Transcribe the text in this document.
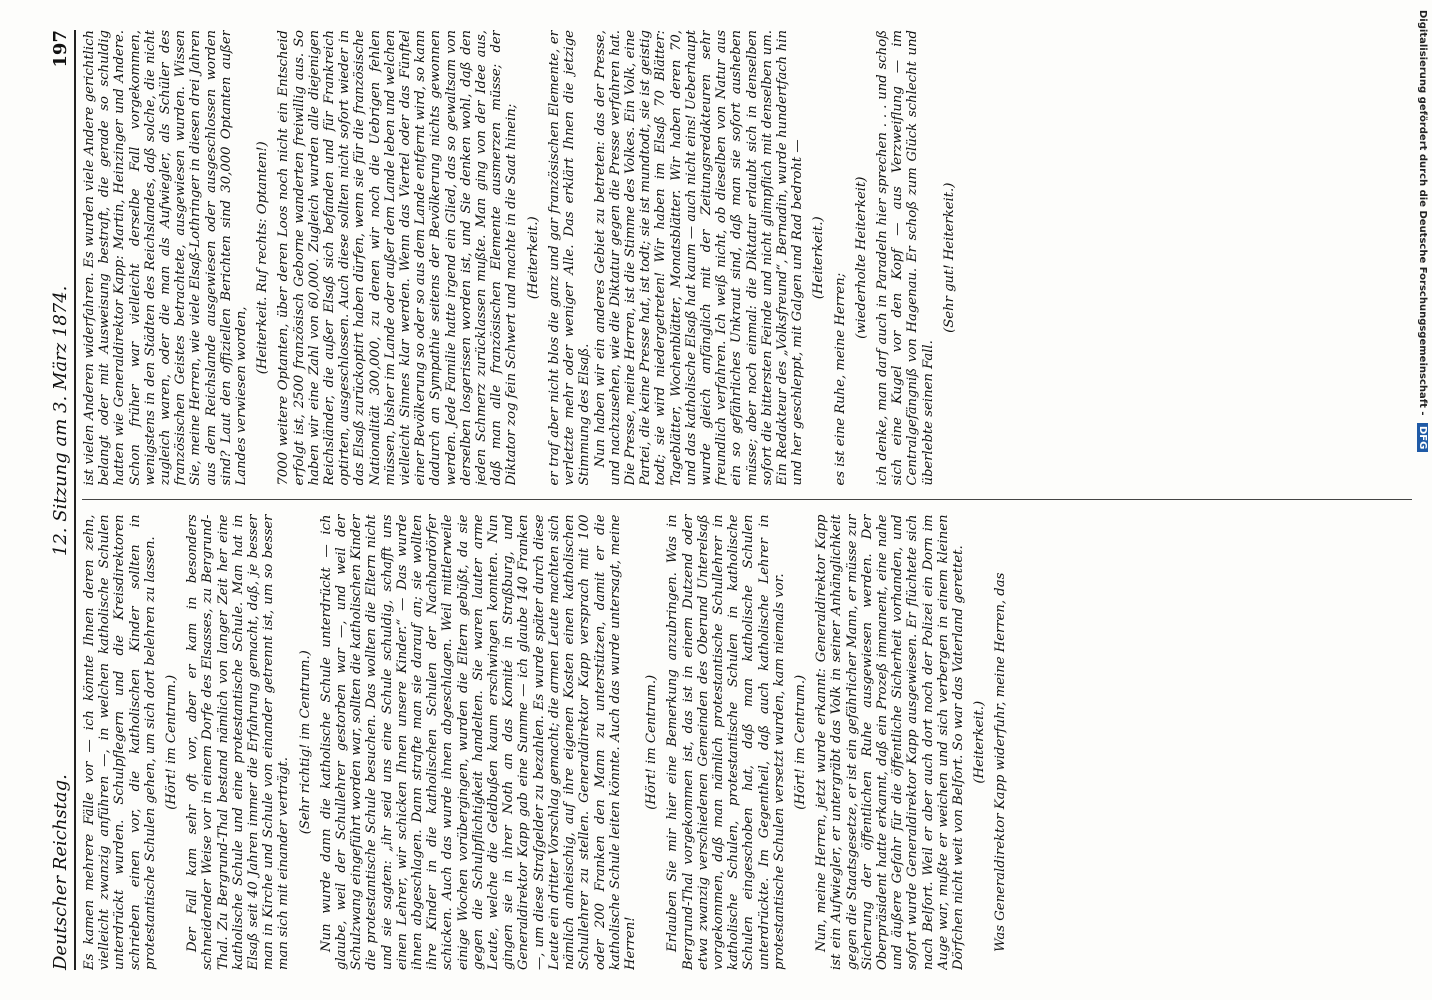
Deutscher Reichstag.
12. Sitzung am 3. März 1874.
197

Es kamen mehrere Fälle vor — ich könnte Ihnen deren zehn, vielleicht zwanzig anführen —, in welchen katholische Schulen unterdrückt wurden. Schulpflegern und die Kreisdirektoren schrieben einen vor, die katholischen Kinder sollten in protestantische Schulen gehen, um sich dort belehren zu lassen. (Hört! im Centrum.) Der Fall kam sehr oft vor, aber er kam in besonders schneidender Weise vor in einem Dorfe des Elsasses, zu Bergrund-Thal. Zu Bergrund-Thal bestand nämlich von langer Zeit her eine katholische Schule und eine protestantische Schule. Man hat in Elsaß seit 40 Jahren immer die Erfahrung gemacht, daß, je besser man in Kirche und Schule von einander getrennt ist, um so besser man sich mit einander verträgt.

(Sehr richtig! im Centrum.) Nun wurde dann die katholische Schule unterdrückt — ich glaube, weil der Schullehrer gestorben war —, und weil der Schulzwang eingeführt worden war, sollten die katholischen Kinder die protestantische Schule besuchen. Das wollten die Eltern nicht und sie sagten: „ihr seid uns eine Schule schuldig, schafft uns einen Lehrer, wir schicken Ihnen unsere Kinder.“ — Das wurde ihnen abgeschlagen. Dann strafte man sie darauf an; sie wollten ihre Kinder in die katholischen Schulen der Nachbardörfer schicken. Auch das wurde ihnen abgeschlagen. Weil mittlerweile einige Wochen vorübergingen, wurden die Eltern gebüßt, da sie gegen die Schulpflichtigkeit handelten. Sie waren lauter arme Leute, welche die Geldbußen kaum erschwingen konnten. Nun gingen sie in ihrer Noth an das Komité in Straßburg, und Generaldirektor Kapp gab eine Summe — ich glaube 140 Franken —, um diese Strafgelder zu bezahlen. Es wurde später durch diese Leute ein dritter Vorschlag gemacht; die armen Leute machten sich nämlich anheischig, auf ihre eigenen Kosten einen katholischen Schullehrer zu stellen. Generaldirektor Kapp versprach mit 100 oder 200 Franken den Mann zu unterstützen, damit er die katholische Schule leiten könnte. Auch das wurde untersagt, meine Herren!

(Hört! im Centrum.) Erlauben Sie mir hier eine Bemerkung anzubringen. Was in Bergrund-Thal vorgekommen ist, das ist in einem Dutzend oder etwa zwanzig verschiedenen Gemeinden des Oberund Unterelsaß vorgekommen, daß man nämlich protestantische Schullehrer in katholische Schulen, protestantische Schulen in katholische Schulen eingeschoben hat, daß man katholische Schulen unterdrückte. Im Gegentheil, daß auch katholische Lehrer in protestantische Schulen versetzt wurden, kam niemals vor. (Hört! im Centrum.) Nun, meine Herren, jetzt wurde erkannt: Generaldirektor Kapp ist ein Aufwiegler, er untergräbt das Volk in seiner Anhänglichkeit gegen die Staatsgesetze, er ist ein gefährlicher Mann, er müsse zur Sicherung der öffentlichen Ruhe ausgewiesen werden. Der Oberpräsident hatte erkannt, daß ein Prozeß immanent, eine nahe und äußere Gefahr für die öffentliche Sicherheit vorhanden, und sofort wurde Generaldirektor Kapp ausgewiesen. Er flüchtete sich nach Belfort. Weil er aber auch dort noch der Polizei ein Dorn im Auge war, mußte er weichen und sich verbergen in einem kleinen Dörfchen nicht weit von Belfort. So war das Vaterland gerettet. (Heiterkeit.) Was Generaldirektor Kapp widerfuhr, meine Herren, das

ist vielen Anderen widerfahren. Es wurden viele Andere gerichtlich belangt oder mit Ausweisung bestraft, die gerade so schuldig hatten wie Generaldirektor Kapp: Martin, Heinzinger und Andere. Schon früher war vielleicht derselbe Fall vorgekommen, wenigstens in den Städten des Reichslandes, daß solche, die nicht zugleich waren, oder die man als Aufwiegler, als Schüler des französischen Geistes betrachtete, ausgewiesen wurden. Wissen Sie, meine Herren, wie viele Elsaß-Lothringer in diesen drei Jahren aus dem Reichslande ausgewiesen oder ausgeschlossen worden sind? Laut den offiziellen Berichten sind 30,000 Optanten außer Landes verwiesen worden,

(Heiterkeit. Ruf rechts: Optanten!) 7000 weitere Optanten, über deren Loos noch nicht ein Entscheid erfolgt ist, 2500 französisch Geborne wanderten freiwillig aus. So haben wir eine Zahl von 60,000. Zugleich wurden alle diejenigen Reichsländer, die außer Elsaß sich befanden und für Frankreich optirten, ausgeschlossen. Auch diese sollten nicht sofort wieder in das Elsaß zurückoptirt haben dürfen, wenn sie für die französische Nationalität 300,000, zu denen wir noch die Uebrigen fehlen müssen, bisher im Lande oder außer dem Lande leben und welchen vielleicht Sinnes klar werden. Wenn das Viertel oder das Fünftel einer Bevölkerung so oder so aus dem Lande entfernt wird, so kann dadurch an Sympathie seitens der Bevölkerung nichts gewonnen werden. Jede Familie hatte irgend ein Glied, das so gewaltsam von derselben losgerissen worden ist, und Sie denken wohl, daß den jeden Schmerz zurücklassen mußte. Man ging von der Idee aus, daß man alle französischen Elemente ausmerzen müsse; der Diktator zog fein Schwert und machte in die Saat hinein; (Heiterkeit.) er traf aber nicht blos die ganz und gar französischen Elemente, er verletzte mehr oder weniger Alle. Das erklärt Ihnen die jetzige Stimmung des Elsaß. Nun haben wir ein anderes Gebiet zu betreten: das der Presse, und nachzusehen, wie die Diktatur gegen die Presse verfahren hat. Die Presse, meine Herren, ist die Stimme des Volkes. Ein Volk, eine Partei, die keine Presse hat, ist todt; sie ist mundtodt, sie ist geistig todt; sie wird niedergetreten! Wir haben im Elsaß 70 Blätter: Tageblätter, Wochenblätter, Monatsblätter. Wir haben deren 70, und das katholische Elsaß hat kaum — auch nicht eins! Ueberhaupt wurde gleich anfänglich mit der Zeitungsredakteuren sehr freundlich verfahren. Ich weiß nicht, ob dieselben von Natur aus ein so gefährliches Unkraut sind, daß man sie sofort ausheben müsse; aber noch einmal: die Diktatur erlaubt sich in denselben sofort die bittersten Feinde und nicht glimpflich mit denselben um. Ein Redakteur des „Volksfreund“, Bernadin, wurde hundertfach hin und her geschleppt, mit Galgen und Rad bedroht — (Heiterkeit.)

es ist eine Ruhe, meine Herren;

(wiederholte Heiterkeit) ich denke, man darf auch in Paradeln hier sprechen . . . und schoß sich eine Kugel vor den Kopf — aus Verzweiflung — im Centralgefängniß von Hagenau. Er schoß zum Glück schlecht und überlebte seinen Fall.

(Sehr gut! Heiterkeit.)	Digitalisierung gefördert durch die Deutsche Forschungsgemeinschaft - DFG
